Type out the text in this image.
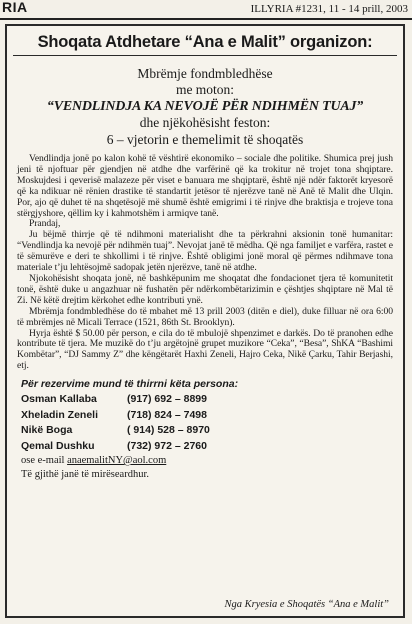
RIA	ILLYRIA #1231, 11 - 14 prill, 2003
Shoqata Atdhetare “Ana e Malit” organizon:
Mbrëmje fondmbledhëse
me moton:
“VENDLINDJA KA NEVOJË PËR NDIHMËN TUAJ”
dhe njëkohësisht feston:
6 – vjetorin e themelimit të shoqatës

Vendlindja jonë po kalon kohë të vështirë ekonomiko – sociale dhe politike. Shumica prej jush jeni të njoftuar për gjendjen në atdhe dhe varfërinë që ka trokitur në trojet tona shqiptare. Moskujdesi i qeverisë malazeze për viset e banuara me shqiptarë, është një ndër faktorët kryesorë që ka ndikuar në rënien drastike të standartit jetësor të njerëzve tanë në Anë të Malit dhe Ulqin. Por, ajo që duhet të na shqetësojë më shumë është emigrimi i të rinjve dhe braktisja e trojeve tona stërgjyshore, qëllim ky i kahmotshëm i armiqve tanë.

Prandaj,

Ju bëjmë thirrje që të ndihmoni materialisht dhe ta përkrahni aksionin tonë humanitar: “Vendlindja ka nevojë për ndihmën tuaj”. Nevojat janë të mëdha. Që nga familjet e varfëra, rastet e të sëmurëve e deri te shkollimi i të rinjve. Është obligimi jonë moral që përmes ndihmave tona materiale t’ju lehtësojmë sadopak jetën njerëzve, tanë në atdhe.

Njokohësisht shoqata jonë, në bashkëpunim me shoqatat dhe fondacionet tjera të komunitetit tonë, është duke u angazhuar në fushatën për ndërkombëtarizimin e çështjes shqiptare në Mal të Zi. Në këtë drejtim kërkohet edhe kontributi ynë.

Mbrëmja fondmbledhëse do të mbahet më 13 prill 2003 (ditën e diel), duke filluar në ora 6:00 të mbrëmjes në Micali Terrace (1521, 86th St. Brooklyn).

Hyrja është $ 50.00 për person, e cila do të mbulojë shpenzimet e darkës. Do të pranohen edhe kontribute të tjera. Me muzikë do t’ju argëtojnë grupet muzikore “Ceka”, “Besa”, ShKA “Bashimi Kombëtar”, “DJ Sammy Z” dhe këngëtarët Haxhi Zeneli, Hajro Ceka, Nikë Çarku, Tahir Berjashi, etj.

Për rezervime mund të thirrni këta persona:
Osman Kallaba	(917) 692 – 8899
Xheladin Zeneli	(718) 824 – 7498
Nikë Boga	( 914) 528 – 8970
Qemal Dushku	(732) 972 – 2760
ose e-mail anaemalitNY@aol.com
Të gjithë janë të mirëseardhur.
Nga Kryesia e Shoqatës “Ana e Malit”
